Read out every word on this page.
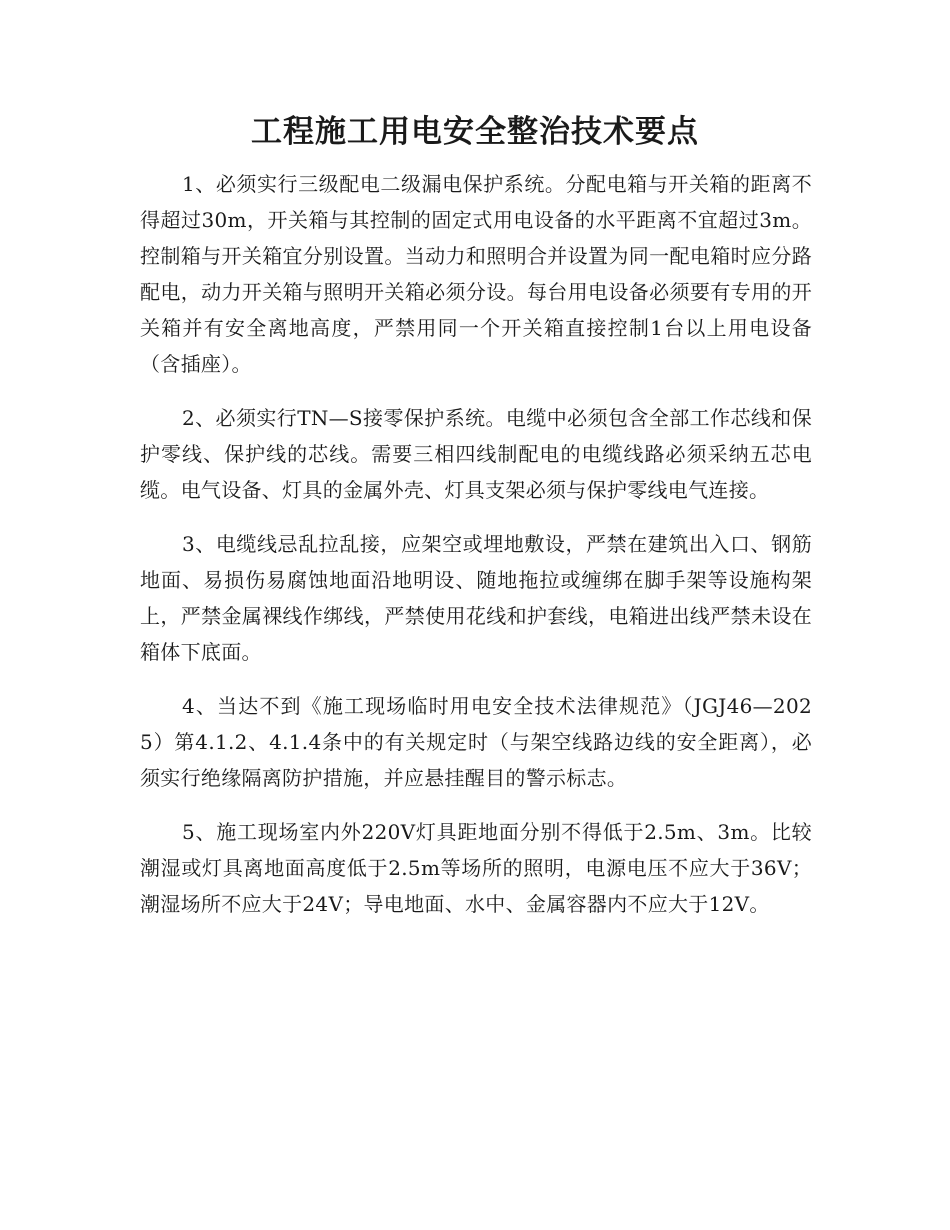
工程施工用电安全整治技术要点

1、必须实行三级配电二级漏电保护系统。分配电箱与开关箱的距离不得超过30m，开关箱与其控制的固定式用电设备的水平距离不宜超过3m。控制箱与开关箱宜分别设置。当动力和照明合并设置为同一配电箱时应分路配电，动力开关箱与照明开关箱必须分设。每台用电设备必须要有专用的开关箱并有安全离地高度，严禁用同一个开关箱直接控制1台以上用电设备（含插座）。

2、必须实行TN—S接零保护系统。电缆中必须包含全部工作芯线和保护零线、保护线的芯线。需要三相四线制配电的电缆线路必须采纳五芯电缆。电气设备、灯具的金属外壳、灯具支架必须与保护零线电气连接。

3、电缆线忌乱拉乱接，应架空或埋地敷设，严禁在建筑出入口、钢筋地面、易损伤易腐蚀地面沿地明设、随地拖拉或缠绑在脚手架等设施构架上，严禁金属裸线作绑线，严禁使用花线和护套线，电箱进出线严禁未设在箱体下底面。

4、当达不到《施工现场临时用电安全技术法律规范》（JGJ46—2025）第4.1.2、4.1.4条中的有关规定时（与架空线路边线的安全距离），必须实行绝缘隔离防护措施，并应悬挂醒目的警示标志。

5、施工现场室内外220V灯具距地面分别不得低于2.5m、3m。比较潮湿或灯具离地面高度低于2.5m等场所的照明，电源电压不应大于36V；潮湿场所不应大于24V；导电地面、水中、金属容器内不应大于12V。
